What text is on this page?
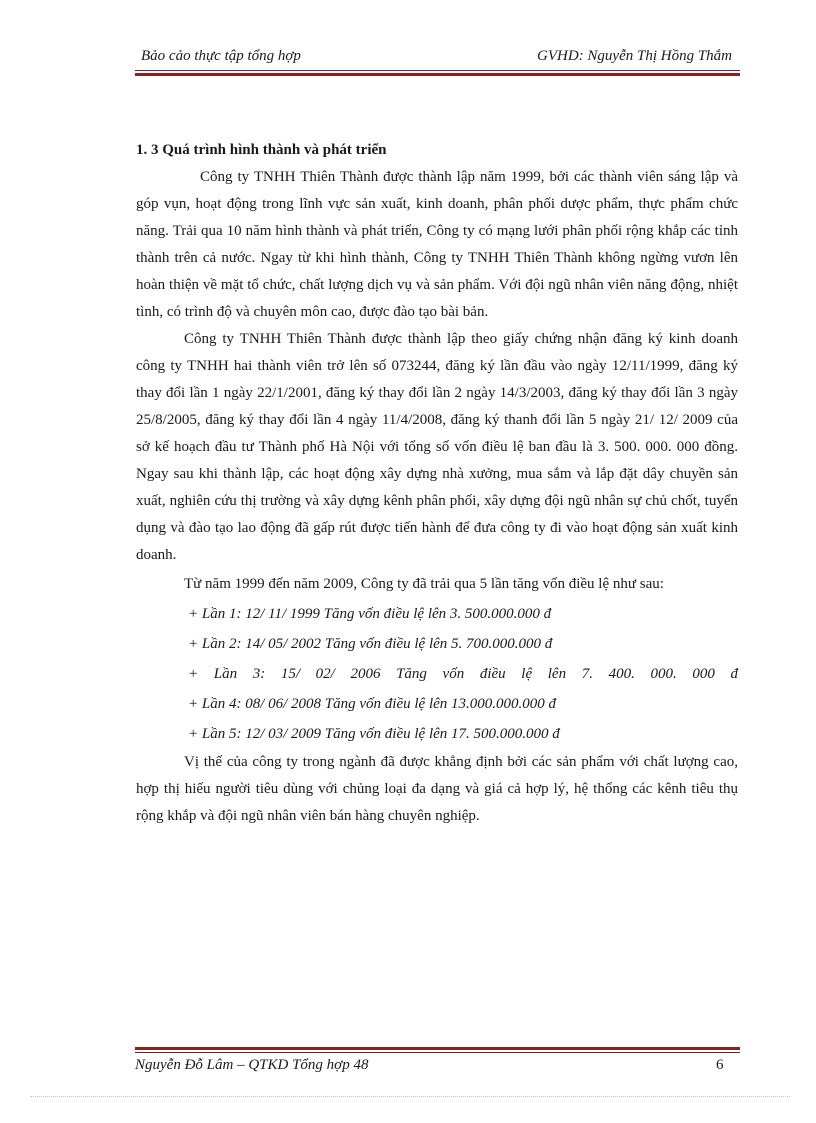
Bảo cảo thực tập tổng hợp	GVHD: Nguyễn Thị Hồng Thắm

1. 3 Quá trình hình thành và phát triển

Công ty TNHH Thiên Thành được thành lập năm 1999, bởi các thành viên sáng lập và góp vụn, hoạt động trong lĩnh vực sản xuất, kinh doanh, phân phối dược phẩm, thực phẩm chức năng. Trải qua 10 năm hình thành và phát triển, Công ty có mạng lưới phân phối rộng khắp các tỉnh thành trên cả nước. Ngay từ khi hình thành, Công ty TNHH Thiên Thành không ngừng vươn lên hoàn thiện về mặt tổ chức, chất lượng dịch vụ và sản phẩm. Với đội ngũ nhân viên năng động, nhiệt tình, có trình độ và chuyên môn cao, được đào tạo bài bản.

Công ty TNHH Thiên Thành được thành lập theo giấy chứng nhận đăng ký kinh doanh công ty TNHH hai thành viên trở lên số 073244, đăng ký lần đầu vào ngày 12/11/1999, đăng ký thay đổi lần 1 ngày 22/1/2001, đăng ký thay đổi lần 2 ngày 14/3/2003, đăng ký thay đổi lần 3 ngày 25/8/2005, đăng ký thay đổi lần 4 ngày 11/4/2008, đăng ký thanh đổi lần 5 ngày 21/ 12/ 2009 của sở kế hoạch đầu tư Thành phố Hà Nội với tổng số vốn điều lệ ban đầu là 3. 500. 000. 000 đồng. Ngay sau khi thành lập, các hoạt động xây dựng nhà xưởng, mua sắm và lắp đặt dây chuyền sản xuất, nghiên cứu thị trường và xây dựng kênh phân phối, xây dựng đội ngũ nhân sự chủ chốt, tuyển dụng và đào tạo lao động đã gấp rút được tiến hành để đưa công ty đi vào hoạt động sản xuất kinh doanh.

Từ năm 1999 đến năm 2009, Công ty đã trải qua 5 lần tăng vốn điều lệ như sau:

+ Lần 1: 12/ 11/ 1999 Tăng vốn điều lệ lên 3. 500.000.000 đ
+ Lần 2: 14/ 05/ 2002 Tăng vốn điều lệ lên 5. 700.000.000 đ
+ Lần 3: 15/ 02/ 2006 Tăng vốn điều lệ lên 7. 400. 000. 000 đ
+ Lần 4: 08/ 06/ 2008 Tăng vốn điều lệ lên 13.000.000.000 đ
+ Lần 5: 12/ 03/ 2009 Tăng vốn điều lệ lên 17. 500.000.000 đ

Vị thế của công ty trong ngành đã được khẳng định bởi các sản phẩm với chất lượng cao, hợp thị hiếu người tiêu dùng với chủng loại đa dạng và giá cả hợp lý, hệ thống các kênh tiêu thụ rộng khắp và đội ngũ nhân viên bán hàng chuyên nghiệp.

Nguyễn Đỗ Lâm – QTKD Tổng hợp 48	6
